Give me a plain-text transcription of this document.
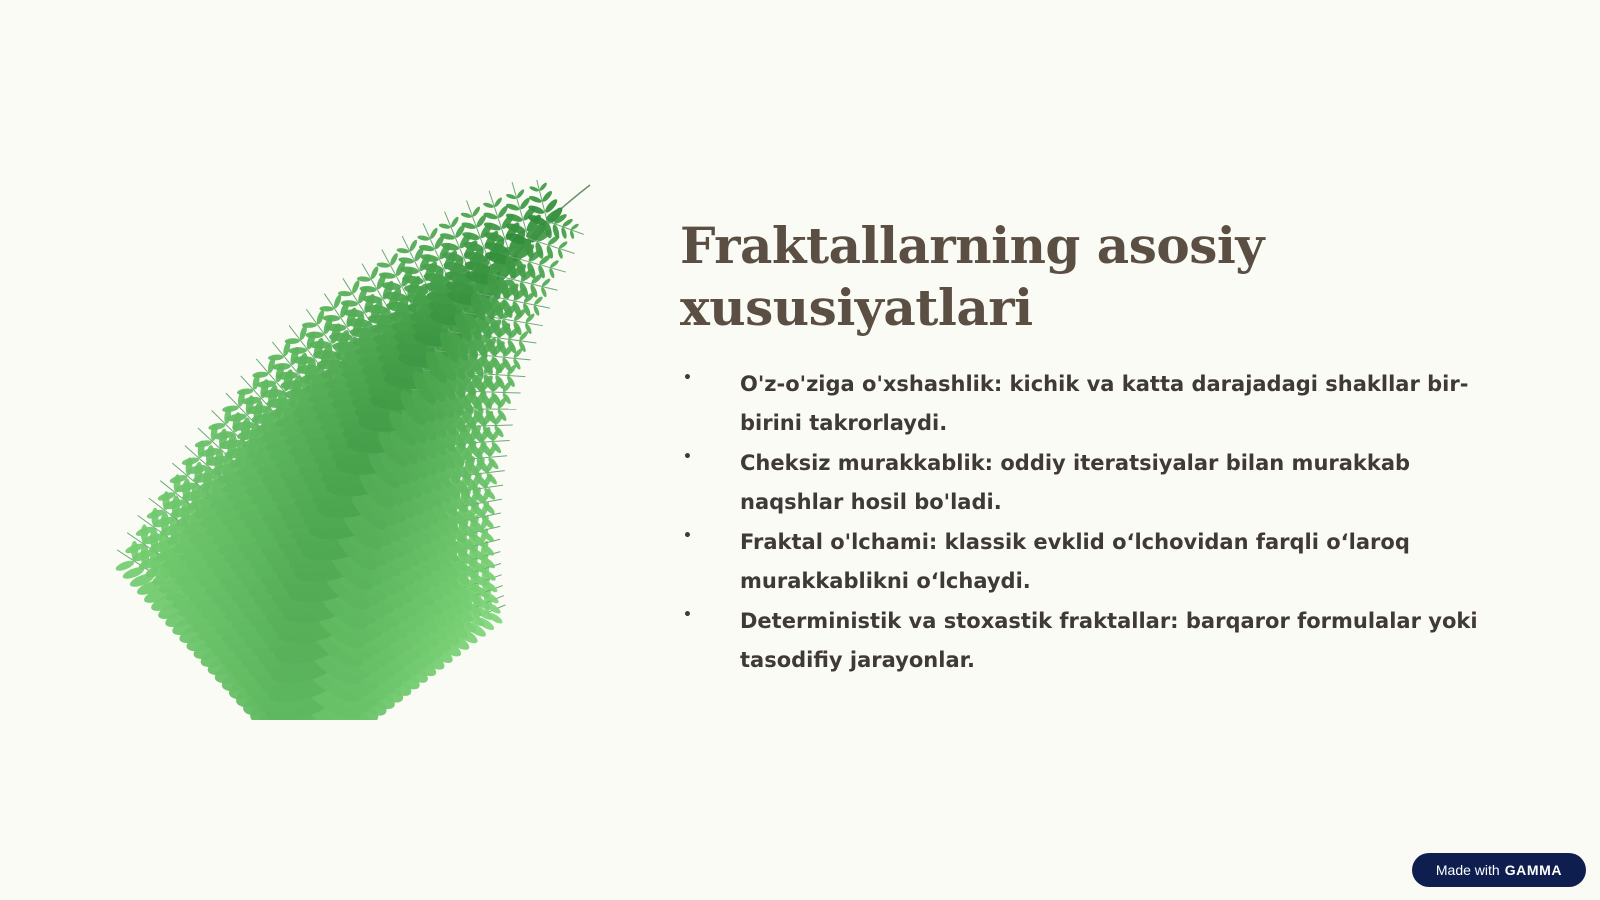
Fraktallarning asosiy xususiyatlari
• O'z-o'ziga o'xshashlik: kichik va katta darajadagi shakllar bir-birini takrorlaydi.
• Cheksiz murakkablik: oddiy iteratsiyalar bilan murakkab naqshlar hosil bo'ladi.
• Fraktal o'lchami: klassik evklid o‘lchovidan farqli o‘laroq murakkablikni o‘lchaydi.
• Deterministik va stoxastik fraktallar: barqaror formulalar yoki tasodifiy jarayonlar.
Made with GAMMA
